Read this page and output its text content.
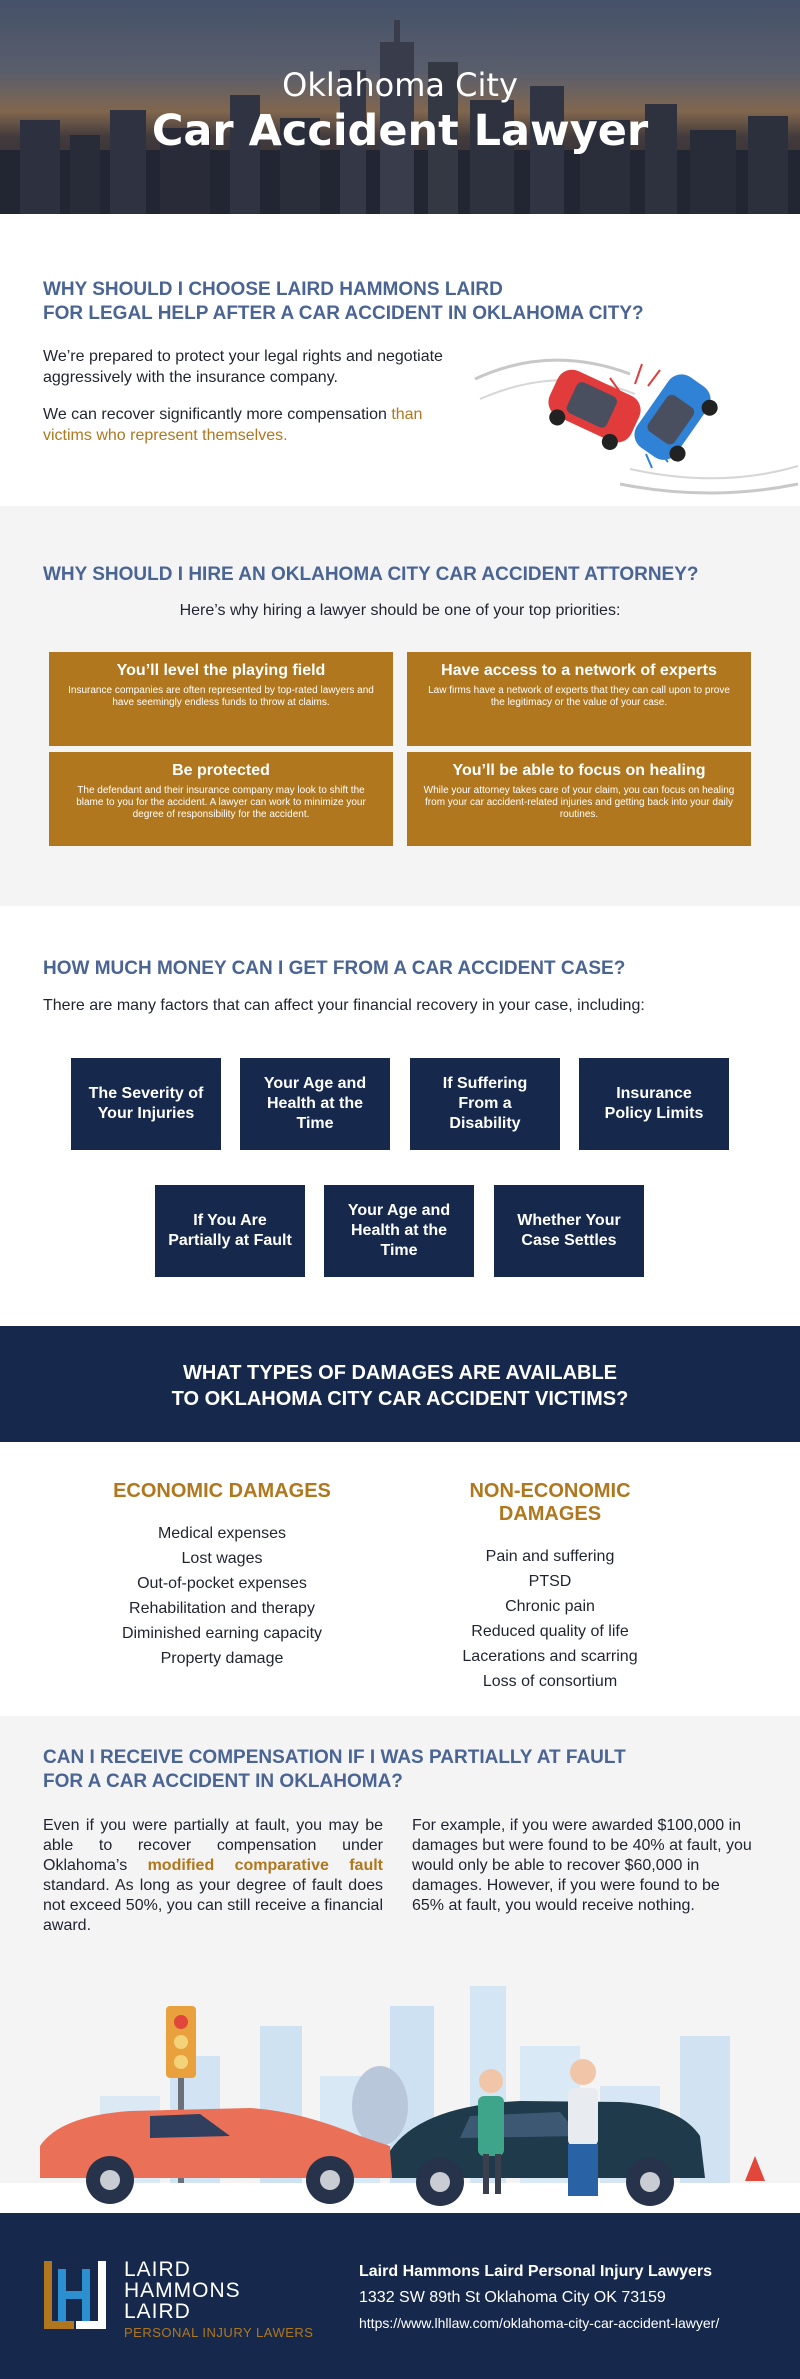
Oklahoma City
Car Accident Lawyer
WHY SHOULD I CHOOSE LAIRD HAMMONS LAIRD
FOR LEGAL HELP AFTER A CAR ACCIDENT IN OKLAHOMA CITY?

We’re prepared to protect your legal rights and negotiate aggressively with the insurance company.

We can recover significantly more compensation than victims who represent themselves.

WHY SHOULD I HIRE AN OKLAHOMA CITY CAR ACCIDENT ATTORNEY?

Here’s why hiring a lawyer should be one of your top priorities:

You’ll level the playing field
Insurance companies are often represented by top-rated lawyers and have seemingly endless funds to throw at claims.
Have access to a network of experts
Law firms have a network of experts that they can call upon to prove the legitimacy or the value of your case.
Be protected
The defendant and their insurance company may look to shift the blame to you for the accident. A lawyer can work to minimize your degree of responsibility for the accident.
You’ll be able to focus on healing
While your attorney takes care of your claim, you can focus on healing from your car accident-related injuries and getting back into your daily routines.
HOW MUCH MONEY CAN I GET FROM A CAR ACCIDENT CASE?

There are many factors that can affect your financial recovery in your case, including:

The Severity of Your Injuries
Your Age and Health at the Time
If Suffering From a Disability
Insurance Policy Limits
If You Are Partially at Fault
Your Age and Health at the Time
Whether Your Case Settles
WHAT TYPES OF DAMAGES ARE AVAILABLE
TO OKLAHOMA CITY CAR ACCIDENT VICTIMS?
ECONOMIC DAMAGES
Medical expenses
Lost wages
Out-of-pocket expenses
Rehabilitation and therapy
Diminished earning capacity
Property damage
NON-ECONOMIC DAMAGES
Pain and suffering
PTSD
Chronic pain
Reduced quality of life
Lacerations and scarring
Loss of consortium
CAN I RECEIVE COMPENSATION IF I WAS PARTIALLY AT FAULT
FOR A CAR ACCIDENT IN OKLAHOMA?

Even if you were partially at fault, you may be able to recover compensation under Oklahoma’s modified comparative fault standard. As long as your degree of fault does not exceed 50%, you can still receive a financial award.

For example, if you were awarded $100,000 in damages but were found to be 40% at fault, you would only be able to recover $60,000 in damages. However, if you were found to be 65% at fault, you would receive nothing.

LAIRD
HAMMONS
LAIRD
PERSONAL INJURY LAWERS
Laird Hammons Laird Personal Injury Lawyers
1332 SW 89th St Oklahoma City OK 73159
https://www.lhllaw.com/oklahoma-city-car-accident-lawyer/
